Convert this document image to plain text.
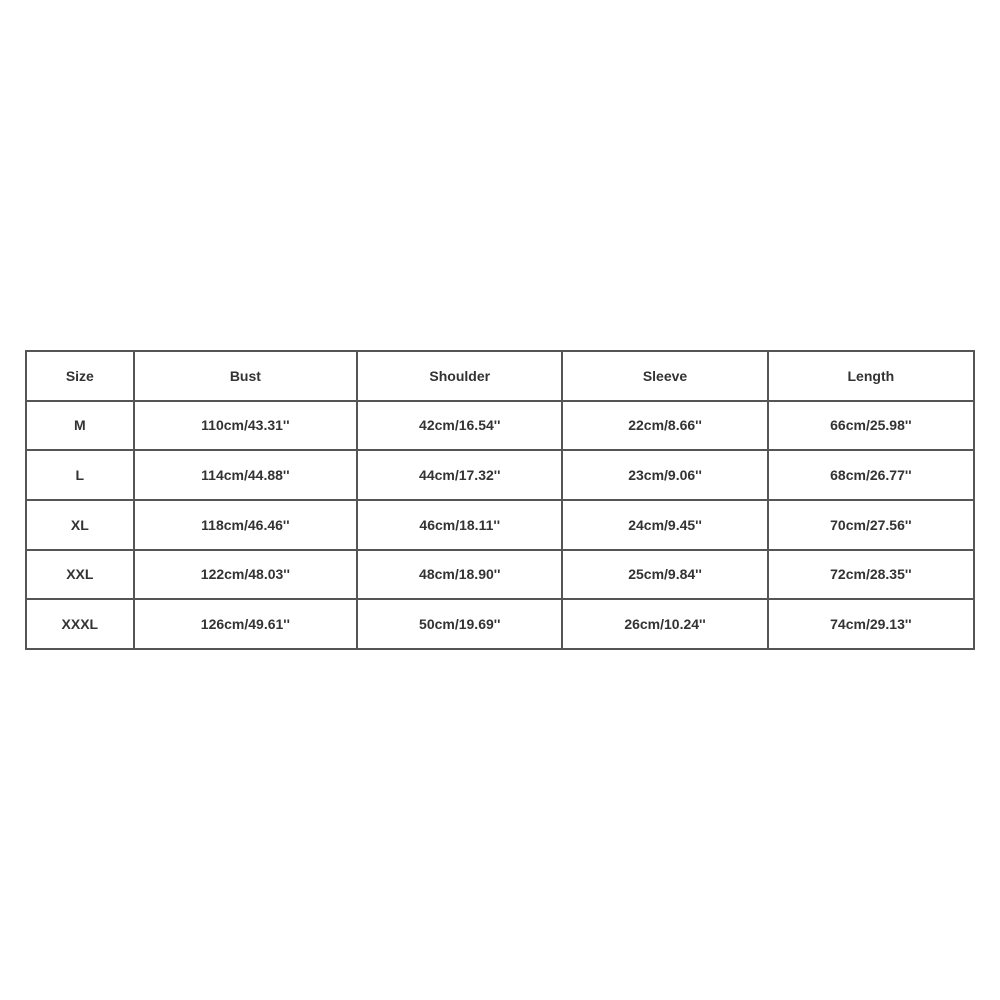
Size	Bust	Shoulder	Sleeve	Length
M	110cm/43.31''	42cm/16.54''	22cm/8.66''	66cm/25.98''
L	114cm/44.88''	44cm/17.32''	23cm/9.06''	68cm/26.77''
XL	118cm/46.46''	46cm/18.11''	24cm/9.45''	70cm/27.56''
XXL	122cm/48.03''	48cm/18.90''	25cm/9.84''	72cm/28.35''
XXXL	126cm/49.61''	50cm/19.69''	26cm/10.24''	74cm/29.13''
